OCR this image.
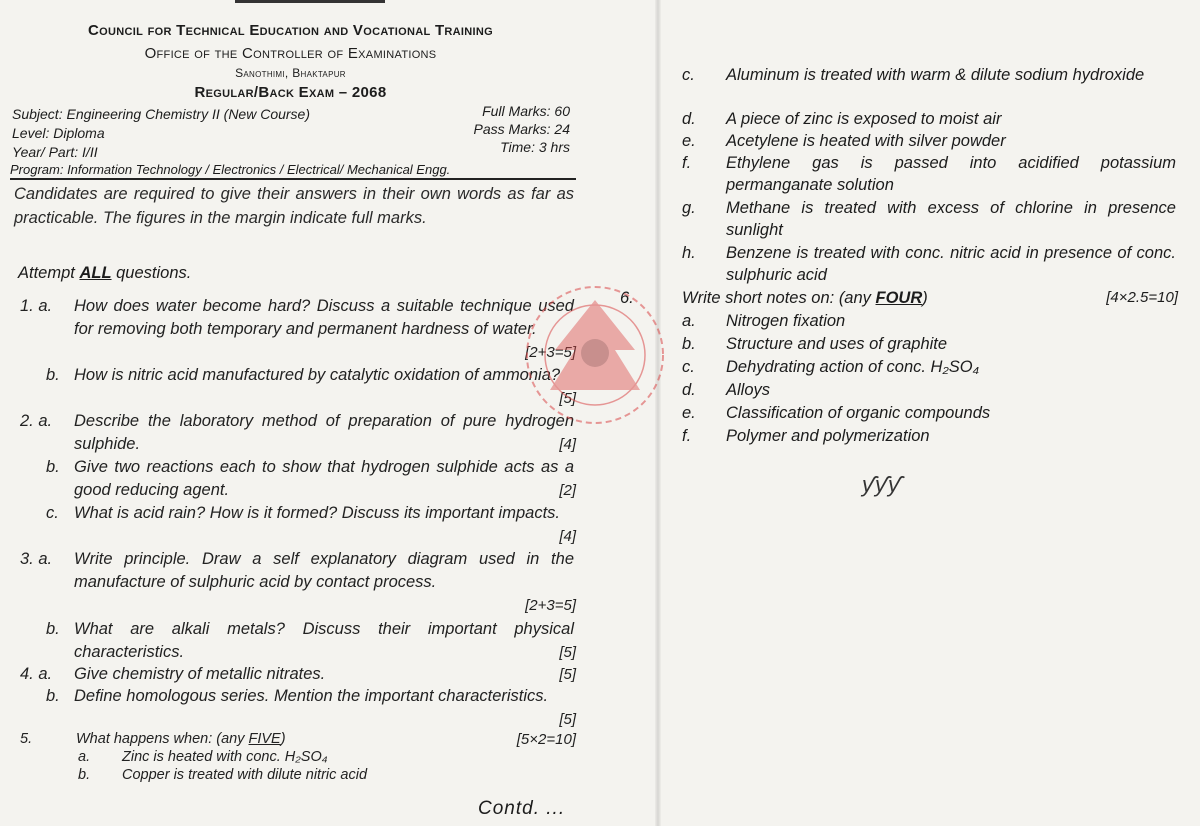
Council for Technical Education and Vocational Training
Office of the Controller of Examinations
Sanothimi, Bhaktapur
Regular/Back Exam – 2068
Subject: Engineering Chemistry II (New Course)
Level: Diploma
Year/ Part: I/II
Full Marks: 60
Pass Marks: 24
Time: 3 hrs
Program: Information Technology / Electronics / Electrical/ Mechanical Engg.
Candidates are required to give their answers in their own words as far as practicable. The figures in the margin indicate full marks.
Attempt ALL questions.
1. a. How does water become hard? Discuss a suitable technique used for removing both temporary and permanent hardness of water.
[2+3=5]
b. How is nitric acid manufactured by catalytic oxidation of ammonia?
[5]
2. a. Describe the laboratory method of preparation of pure hydrogen sulphide.	[4]
b. Give two reactions each to show that hydrogen sulphide acts as a good reducing agent.	[2]
c. What is acid rain? How is it formed? Discuss its important impacts.
[4]
3. a. Write principle. Draw a self explanatory diagram used in the manufacture of sulphuric acid by contact process.
[2+3=5]
b. What are alkali metals? Discuss their important physical characteristics.	[5]
4. a. Give chemistry of metallic nitrates.	[5]
b. Define homologous series. Mention the important characteristics.
[5]
5.	What happens when: (any FIVE)	[5×2=10]
a. Zinc is heated with conc. H₂SO₄
b. Copper is treated with dilute nitric acid
Contd. ...
c. Aluminum is treated with warm & dilute sodium hydroxide
d. A piece of zinc is exposed to moist air
e. Acetylene is heated with silver powder
f. Ethylene gas is passed into acidified potassium permanganate solution
g. Methane is treated with excess of chlorine in presence sunlight
h. Benzene is treated with conc. nitric acid in presence of conc. sulphuric acid
6.	Write short notes on: (any FOUR)	[4×2.5=10]
a. Nitrogen fixation
b. Structure and uses of graphite
c. Dehydrating action of conc. H₂SO₄
d. Alloys
e. Classification of organic compounds
f. Polymer and polymerization
ƴƴƴ
